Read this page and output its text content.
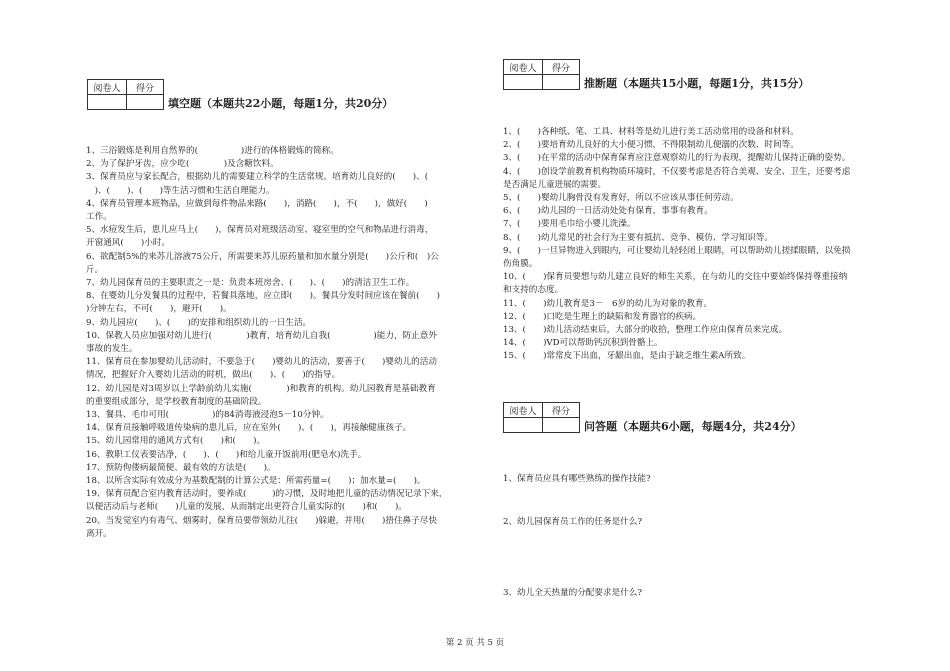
阅卷人	得分

阅卷人	得分

阅卷人	得分

填空题（本题共22小题，每题1分，共20分）
推断题（本题共15小题，每题1分，共15分）
问答题（本题共6小题，每题4分，共24分）

1、三浴锻炼是利用自然界的(　　　　　)进行的体格锻炼的简称。

2、为了保护牙齿，应少吃(　　　　)及含糖饮料。

3、保育员应与家长配合，根据幼儿的需要建立科学的生活常规。培育幼儿良好的(　　)、(

　)、(　　)、(　　)等生活习惯和生活自理能力。

4、保育员管理本班物品，应做到每件物品来路(　　)，消路(　　)，不(　　)，做好(　　)

工作。

5、水痘发生后，患儿应马上(　　)，保育员对班级活动室、寝室里的空气和物品进行消毒，

开窗通风(　　)小时。

6、欲配制5%的来苏儿溶液75公斤，所需要来苏儿原药量和加水量分别是(　　)公斤和(　)公

斤。

7、幼儿园保育员的主要职责之一是：负责本班房舍、(　　)、(　　)的清洁卫生工作。

8、在婴幼儿分发餐具的过程中，若餐具落地，应立即(　　)。餐具分发时间应该在餐前(　　)

)分钟左右，不可(　　)，避开(　　)。

9、幼儿园应(　　)、(　　)的安排和组织幼儿的一日生活。

10、保教人员应加强对幼儿进行(　　　　)教育，培育幼儿自我(　　　　　)能力，防止意外

事故的发生。

11、保育员在参加婴幼儿活动时，不要急于(　　)婴幼儿的活动，要善于(　　)婴幼儿的活动

情况，把握好介入婴幼儿活动的时机，做出(　　)、(　　)的指导。

12、幼儿园是对3周岁以上学龄前幼儿实施(　　　　)和教育的机构。幼儿园教育是基础教育

的重要组成部分，是学校教育制度的基础阶段。

13、餐具、毛巾可用(　　　　　)的84消毒液浸泡5－10分钟。

14、保育员接触呼吸道传染病的患儿后，应在室外(　　)、(　　)，再接触健康孩子。

15、幼儿园常用的通风方式有(　　)和(　　)。

16、教职工仪表要洁净，(　　)、(　　)和给儿童开饭前用(肥皂水)洗手。

17、预防佝偻病最简便、最有效的方法是(　　)。

18、以所含实际有效成分为基数配制的计算公式是：所需药量=(　　)；加水量=(　　)。

19、保育员配合室内教育活动时，要养成(　　　)的习惯，及时地把儿童的活动情况记录下来，

以便活动后与老师(　　)儿童的发展，从而制定出更符合儿童实际的(　　)和(　　)。

20、当发觉室内有毒气、烟雾时，保育员要带领幼儿往(　　)躲避，并用(　　)捂住鼻子尽快

离开。

1、(　　)各种纸、笔、工具、材料等是幼儿进行美工活动常用的设备和材料。

2、(　　)要培育幼儿良好的大小便习惯，不得限制幼儿便溺的次数、时间等。

3、(　　)在平常的活动中保育保育应注意观察幼儿的行为表现，提醒幼儿保持正确的姿势。

4、(　　)创设学前教育机构物质环境时，不仅要考虑是否符合美观、安全、卫生，还要考虑

是否满足儿童进展的需要。

5、(　　)婴幼儿胸骨没有发育好，所以不应该从事任何劳动。

6、(　　)幼儿园的一日活动处处有保育，事事有教育。

7、(　　)要用毛巾给小婴儿洗澡。

8、(　　)幼儿常见的社会行为主要有抵抗、竞争、模仿、学习知识等。

9、(　　)一旦异物进入到眼内，可让婴幼儿轻轻闭上眼睛，可以帮助幼儿搓揉眼睛，以免损

伤角膜。

10、(　　)保育员要想与幼儿建立良好的师生关系，在与幼儿的交往中要始终保持尊重接纳

和支持的态度。

11、(　　)幼儿教育是3－　6岁的幼儿为对象的教育。

12、(　　)口吃是生理上的缺陷和发育器官的疾病。

13、(　　)幼儿活动结束后，大部分的收拾，整理工作应由保育员来完成。

14、(　　)VD可以帮助钙沉积到骨骼上。

15、(　　)常常皮下出血，牙龈出血，是由于缺乏维生素A所致。

1、保育员应具有哪些熟练的操作技能?
2、幼儿园保育员工作的任务是什么?
3、幼儿全天热量的分配要求是什么?
第 2 页 共 5 页
